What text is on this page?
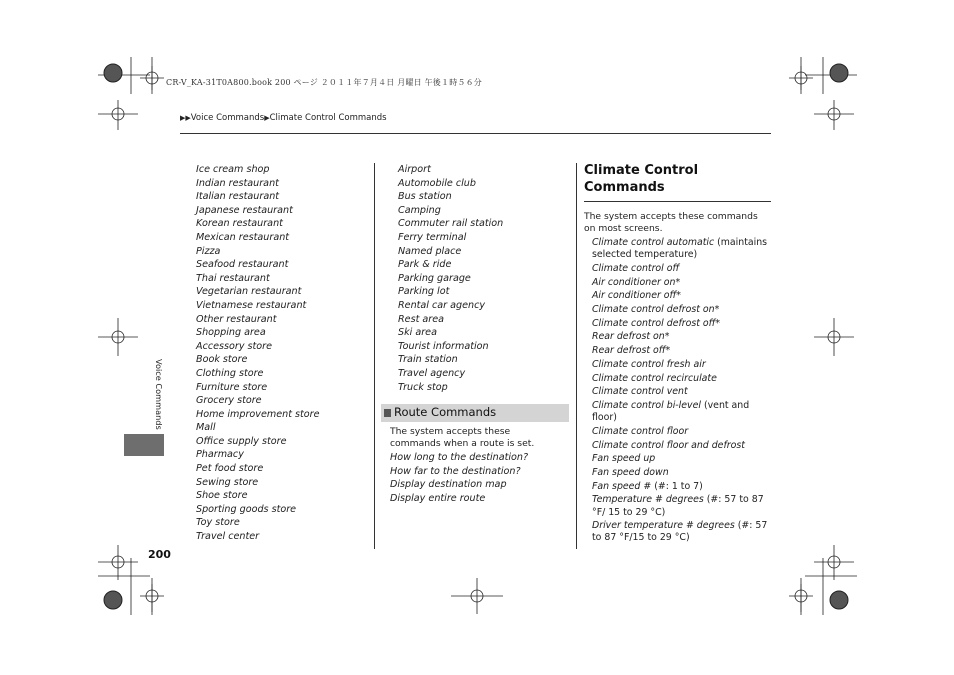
CR-V_KA-31T0A800.book 200 ページ ２０１１年７月４日 月曜日 午後１時５６分
▶▶Voice Commands▶Climate Control Commands
Ice cream shop
Indian restaurant
Italian restaurant
Japanese restaurant
Korean restaurant
Mexican restaurant
Pizza
Seafood restaurant
Thai restaurant
Vegetarian restaurant
Vietnamese restaurant
Other restaurant
Shopping area
Accessory store
Book store
Clothing store
Furniture store
Grocery store
Home improvement store
Mall
Office supply store
Pharmacy
Pet food store
Sewing store
Shoe store
Sporting goods store
Toy store
Travel center
Airport
Automobile club
Bus station
Camping
Commuter rail station
Ferry terminal
Named place
Park & ride
Parking garage
Parking lot
Rental car agency
Rest area
Ski area
Tourist information
Train station
Travel agency
Truck stop
Route Commands
The system accepts these commands when a route is set.
How long to the destination?
How far to the destination?
Display destination map
Display entire route
Climate Control Commands
The system accepts these commands on most screens.
Climate control automatic (maintains selected temperature)
Climate control off
Air conditioner on*
Air conditioner off*
Climate control defrost on*
Climate control defrost off*
Rear defrost on*
Rear defrost off*
Climate control fresh air
Climate control recirculate
Climate control vent
Climate control bi-level (vent and floor)
Climate control floor
Climate control floor and defrost
Fan speed up
Fan speed down
Fan speed # (#: 1 to 7)
Temperature # degrees (#: 57 to 87 °F/ 15 to 29 °C)
Driver temperature # degrees (#: 57 to 87 °F/15 to 29 °C)
Voice Commands
200
